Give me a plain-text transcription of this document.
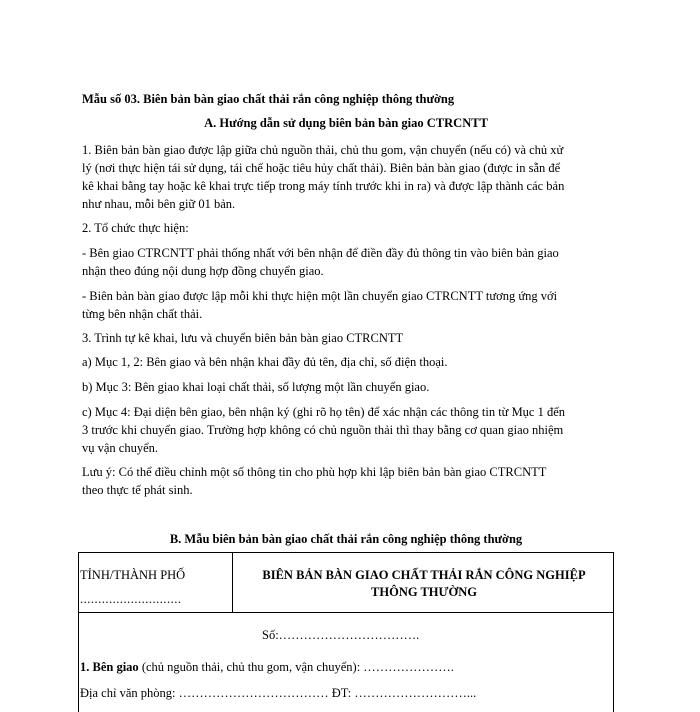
Mẫu số 03. Biên bản bàn giao chất thải rắn công nghiệp thông thường
A. Hướng dẫn sử dụng biên bản bàn giao CTRCNTT
1. Biên bản bàn giao được lập giữa chủ nguồn thải, chủ thu gom, vận chuyển (nếu có) và chủ xử
lý (nơi thực hiện tái sử dụng, tái chế hoặc tiêu hủy chất thải). Biên bản bàn giao (được in sẵn để
kê khai bằng tay hoặc kê khai trực tiếp trong máy tính trước khi in ra) và được lập thành các bản
như nhau, mỗi bên giữ 01 bản.
2. Tổ chức thực hiện:
- Bên giao CTRCNTT phải thống nhất với bên nhận để điền đầy đủ thông tin vào biên bản giao
nhận theo đúng nội dung hợp đồng chuyển giao.
- Biên bản bàn giao được lập mỗi khi thực hiện một lần chuyển giao CTRCNTT tương ứng với
từng bên nhận chất thải.
3. Trình tự kê khai, lưu và chuyển biên bản bàn giao CTRCNTT
a) Mục 1, 2: Bên giao và bên nhận khai đầy đủ tên, địa chỉ, số điện thoại.
b) Mục 3: Bên giao khai loại chất thải, số lượng một lần chuyển giao.
c) Mục 4: Đại diện bên giao, bên nhận ký (ghi rõ họ tên) để xác nhận các thông tin từ Mục 1 đến
3 trước khi chuyển giao. Trường hợp không có chủ nguồn thải thì thay bằng cơ quan giao nhiệm
vụ vận chuyển.
Lưu ý: Có thể điều chỉnh một số thông tin cho phù hợp khi lập biên bản bàn giao CTRCNTT
theo thực tế phát sinh.
B. Mẫu biên bản bàn giao chất thải rắn công nghiệp thông thường
TỈNH/THÀNH PHỐ
............................
BIÊN BẢN BÀN GIAO CHẤT THẢI RẮN CÔNG NGHIỆP
THÔNG THƯỜNG
Số:…………………………….
1. Bên giao (chủ nguồn thải, chủ thu gom, vận chuyển): ………………….
Địa chỉ văn phòng: ……………………………… ĐT: ………………………...
